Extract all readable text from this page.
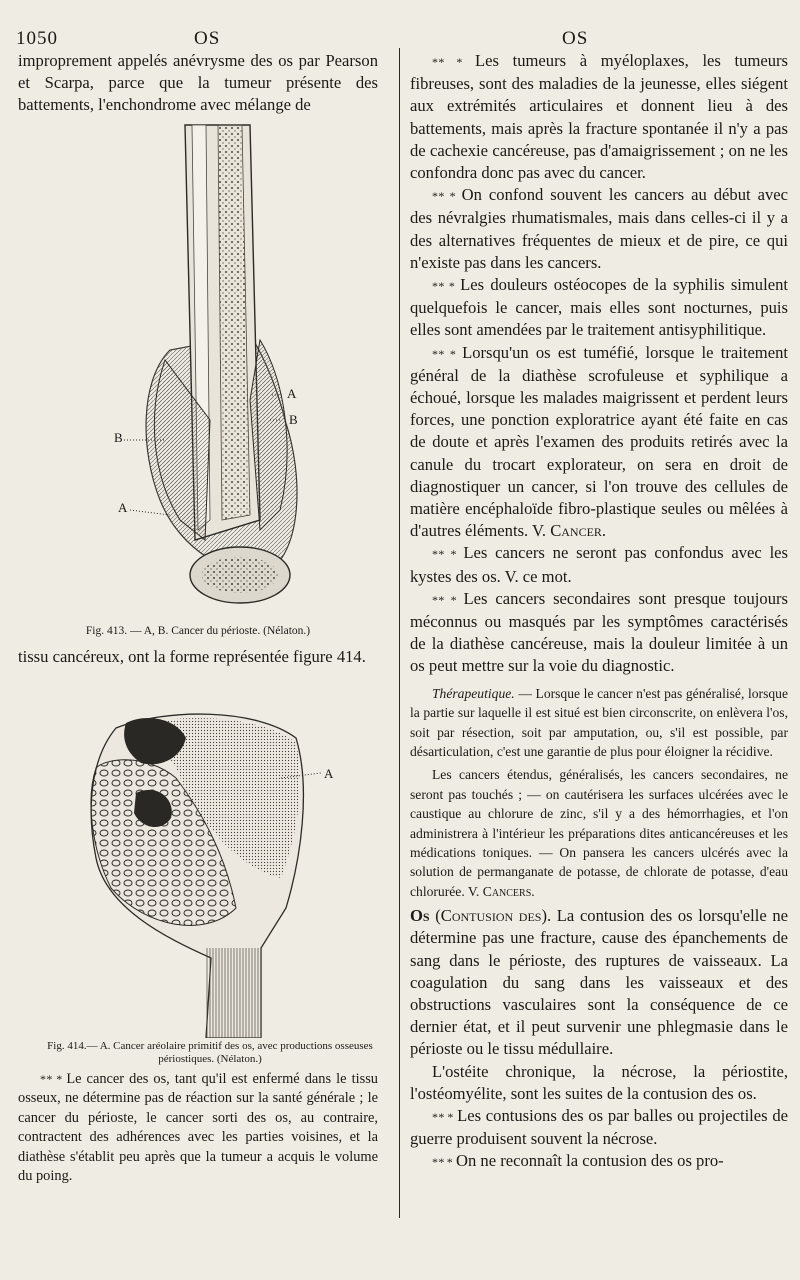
1050	OS	OS

improprement appelés anévrysme des os par Pearson et Scarpa, parce que la tumeur présente des battements, l'enchondrome avec mélange de

A
B
B
A
Fig. 413. — A, B. Cancer du périoste. (Nélaton.)

tissu cancéreux, ont la forme représentée figure 414.

A
Fig. 414.— A. Cancer aréolaire primitif des os, avec productions osseuses périostiques. (Nélaton.)

* *  * Le cancer des os, tant qu'il est enfermé dans le tissu osseux, ne détermine pas de réaction sur la santé générale ; le cancer du périoste, le cancer sorti des os, au contraire, contractent des adhérences avec les parties voisines, et la diathèse s'établit peu après que la tumeur a acquis le volume du poing.

* *  * Les tumeurs à myéloplaxes, les tumeurs fibreuses, sont des maladies de la jeunesse, elles siégent aux extrémités articulaires et donnent lieu à des battements, mais après la fracture spontanée il n'y a pas de cachexie cancéreuse, pas d'amaigrissement ; on ne les confondra donc pas avec du cancer.

* *  * On confond souvent les cancers au début avec des névralgies rhumatismales, mais dans celles-ci il y a des alternatives fréquentes de mieux et de pire, ce qui n'existe pas dans les cancers.

* *  * Les douleurs ostéocopes de la syphilis simulent quelquefois le cancer, mais elles sont nocturnes, puis elles sont amendées par le traitement antisyphilitique.

* *  * Lorsqu'un os est tuméfié, lorsque le traitement général de la diathèse scrofuleuse et syphilique a échoué, lorsque les malades maigrissent et perdent leurs forces, une ponction exploratrice ayant été faite en cas de doute et après l'examen des produits retirés avec la canule du trocart explorateur, on sera en droit de diagnostiquer un cancer, si l'on trouve des cellules de matière encéphaloïde fibro-plastique seules ou mêlées à d'autres éléments. V. Cancer.

* *  * Les cancers ne seront pas confondus avec les kystes des os. V. ce mot.

* *  * Les cancers secondaires sont presque toujours méconnus ou masqués par les symptômes caractérisés de la diathèse cancéreuse, mais la douleur limitée à un os peut mettre sur la voie du diagnostic.

Thérapeutique. — Lorsque le cancer n'est pas généralisé, lorsque la partie sur laquelle il est situé est bien circonscrite, on enlèvera l'os, soit par résection, soit par amputation, ou, s'il est possible, par désarticulation, c'est une garantie de plus pour éloigner la récidive.

Les cancers étendus, généralisés, les cancers secondaires, ne seront pas touchés ; — on cautérisera les surfaces ulcérées avec le caustique au chlorure de zinc, s'il y a des hémorrhagies, et l'on administrera à l'intérieur les préparations dites anticancéreuses et les médications toniques. — On pansera les cancers ulcérés avec la solution de permanganate de potasse, de chlorate de potasse, d'eau chlorurée. V. Cancers.

Os (Contusion des). La contusion des os lorsqu'elle ne détermine pas une fracture, cause des épanchements de sang dans le périoste, des ruptures de vaisseaux. La coagulation du sang dans les vaisseaux et des obstructions vasculaires sont la conséquence de ce dernier état, et il peut survenir une phlegmasie dans le périoste ou le tissu médullaire.

L'ostéite chronique, la nécrose, la périostite, l'ostéomyélite, sont les suites de la contusion des os.

* *  * Les contusions des os par balles ou projectiles de guerre produisent souvent la nécrose.

* *  * On ne reconnaît la contusion des os pro-
